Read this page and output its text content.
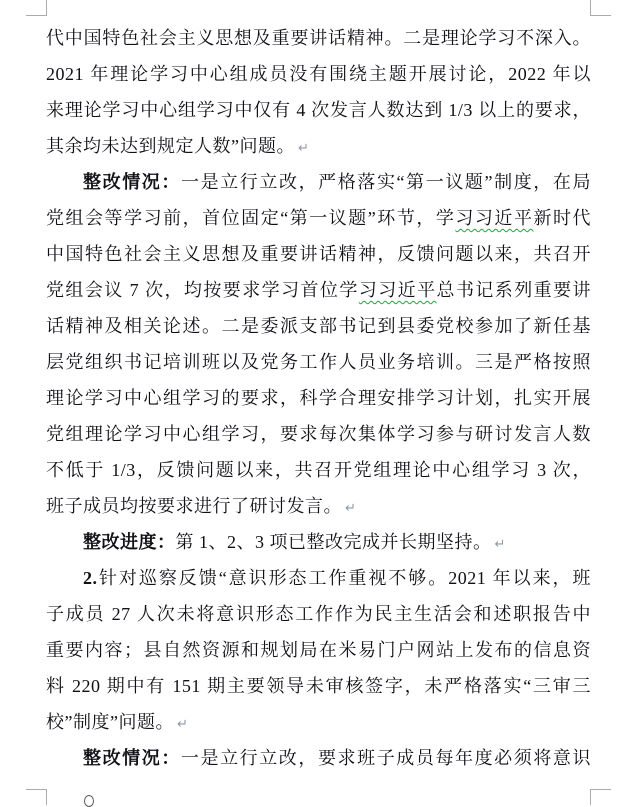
代中国特色社会主义思想及重要讲话精神。二是理论学习不深入。
2021 年理论学习中心组成员没有围绕主题开展讨论，2022 年以
来理论学习中心组学习中仅有 4 次发言人数达到 1/3 以上的要求，
其余均未达到规定人数”问题。 ↵
整改情况：一是立行立改，严格落实“第一议题”制度，在局
党组会等学习前，首位固定“第一议题”环节，学习习近平新时代
中国特色社会主义思想及重要讲话精神，反馈问题以来，共召开
党组会议 7 次，均按要求学习首位学习习近平总书记系列重要讲
话精神及相关论述。二是委派支部书记到县委党校参加了新任基
层党组织书记培训班以及党务工作人员业务培训。三是严格按照
理论学习中心组学习的要求，科学合理安排学习计划，扎实开展
党组理论学习中心组学习，要求每次集体学习参与研讨发言人数
不低于 1/3，反馈问题以来，共召开党组理论中心组学习 3 次，
班子成员均按要求进行了研讨发言。 ↵
整改进度：第 1、2、3 项已整改完成并长期坚持。 ↵
2.针对巡察反馈“意识形态工作重视不够。2021 年以来，班
子成员 27 人次未将意识形态工作作为民主生活会和述职报告中
重要内容；县自然资源和规划局在米易门户网站上发布的信息资
料 220 期中有 151 期主要领导未审核签字，未严格落实“三审三
校”制度”问题。 ↵
整改情况：一是立行立改，要求班子成员每年度必须将意识
